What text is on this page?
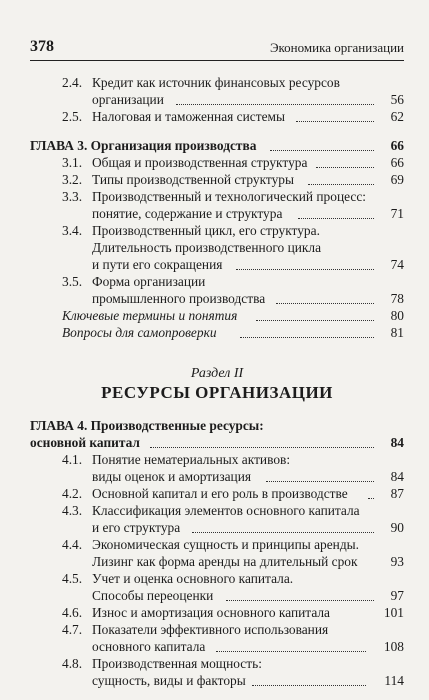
378	Экономика организации
2.4. Кредит как источник финансовых ресурсов
организации	56
2.5. Налоговая и таможенная системы	62
ГЛАВА 3. Организация производства	66
3.1. Общая и производственная структура	66
3.2. Типы производственной структуры	69
3.3. Производственный и технологический процесс:
понятие, содержание и структура	71
3.4. Производственный цикл, его структура.
Длительность производственного цикла
и пути его сокращения	74
3.5. Форма организации
промышленного производства	78
Ключевые термины и понятия	80
Вопросы для самопроверки	81
Раздел II
РЕСУРСЫ ОРГАНИЗАЦИИ
ГЛАВА 4. Производственные ресурсы:
основной капитал	84
4.1. Понятие нематериальных активов:
виды оценок и амортизация	84
4.2. Основной капитал и его роль в производстве	87
4.3. Классификация элементов основного капитала
и его структура	90
4.4. Экономическая сущность и принципы аренды.
Лизинг как форма аренды на длительный срок 93
4.5. Учет и оценка основного капитала.
Способы переоценки	97
4.6. Износ и амортизация основного капитала	101
4.7. Показатели эффективного использования
основного капитала	108
4.8. Производственная мощность:
сущность, виды и факторы	114
